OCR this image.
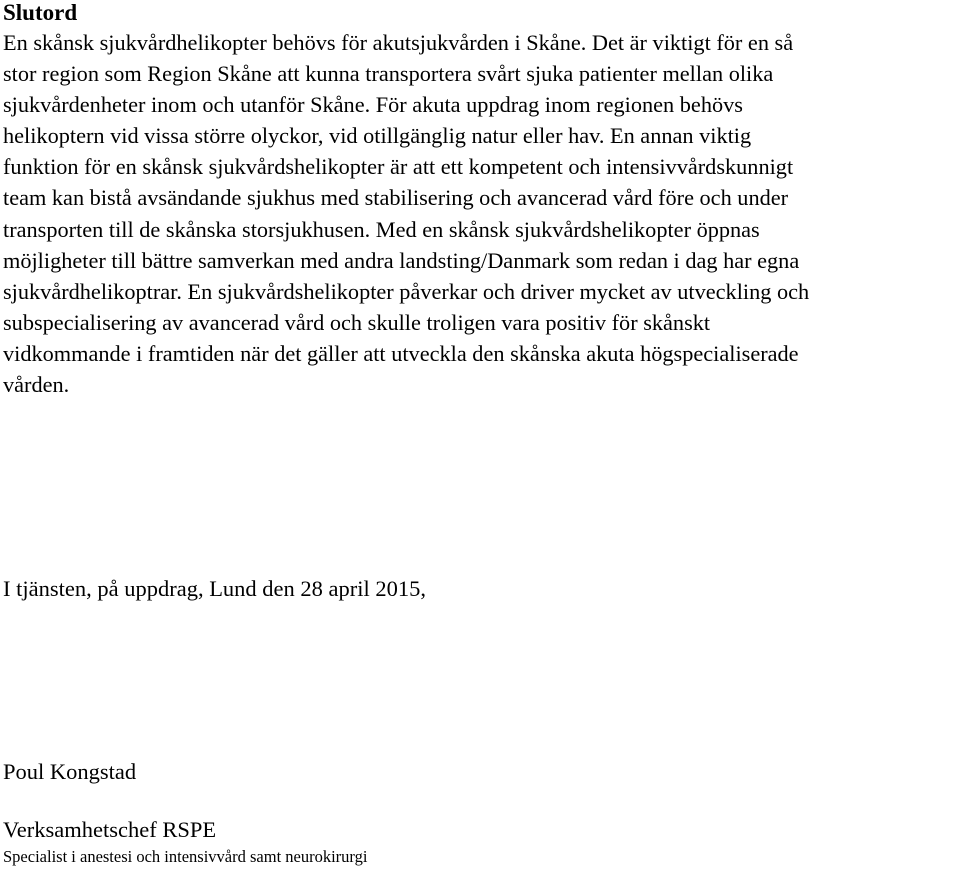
Slutord

En skånsk sjukvårdhelikopter behövs för akutsjukvården i Skåne. Det är viktigt för en så
stor region som Region Skåne att kunna transportera svårt sjuka patienter mellan olika
sjukvårdenheter inom och utanför Skåne. För akuta uppdrag inom regionen behövs
helikoptern vid vissa större olyckor, vid otillgänglig natur eller hav. En annan viktig
funktion för en skånsk sjukvårdshelikopter är att ett kompetent och intensivvårdskunnigt
team kan bistå avsändande sjukhus med stabilisering och avancerad vård före och under
transporten till de skånska storsjukhusen. Med en skånsk sjukvårdshelikopter öppnas
möjligheter till bättre samverkan med andra landsting/Danmark som redan i dag har egna
sjukvårdhelikoptrar. En sjukvårdshelikopter påverkar och driver mycket av utveckling och
subspecialisering av avancerad vård och skulle troligen vara positiv för skånskt
vidkommande i framtiden när det gäller att utveckla den skånska akuta högspecialiserade
vården.

I tjänsten, på uppdrag, Lund den 28 april 2015,

Poul Kongstad

Verksamhetschef RSPE

Specialist i anestesi och intensivvård samt neurokirurgi
